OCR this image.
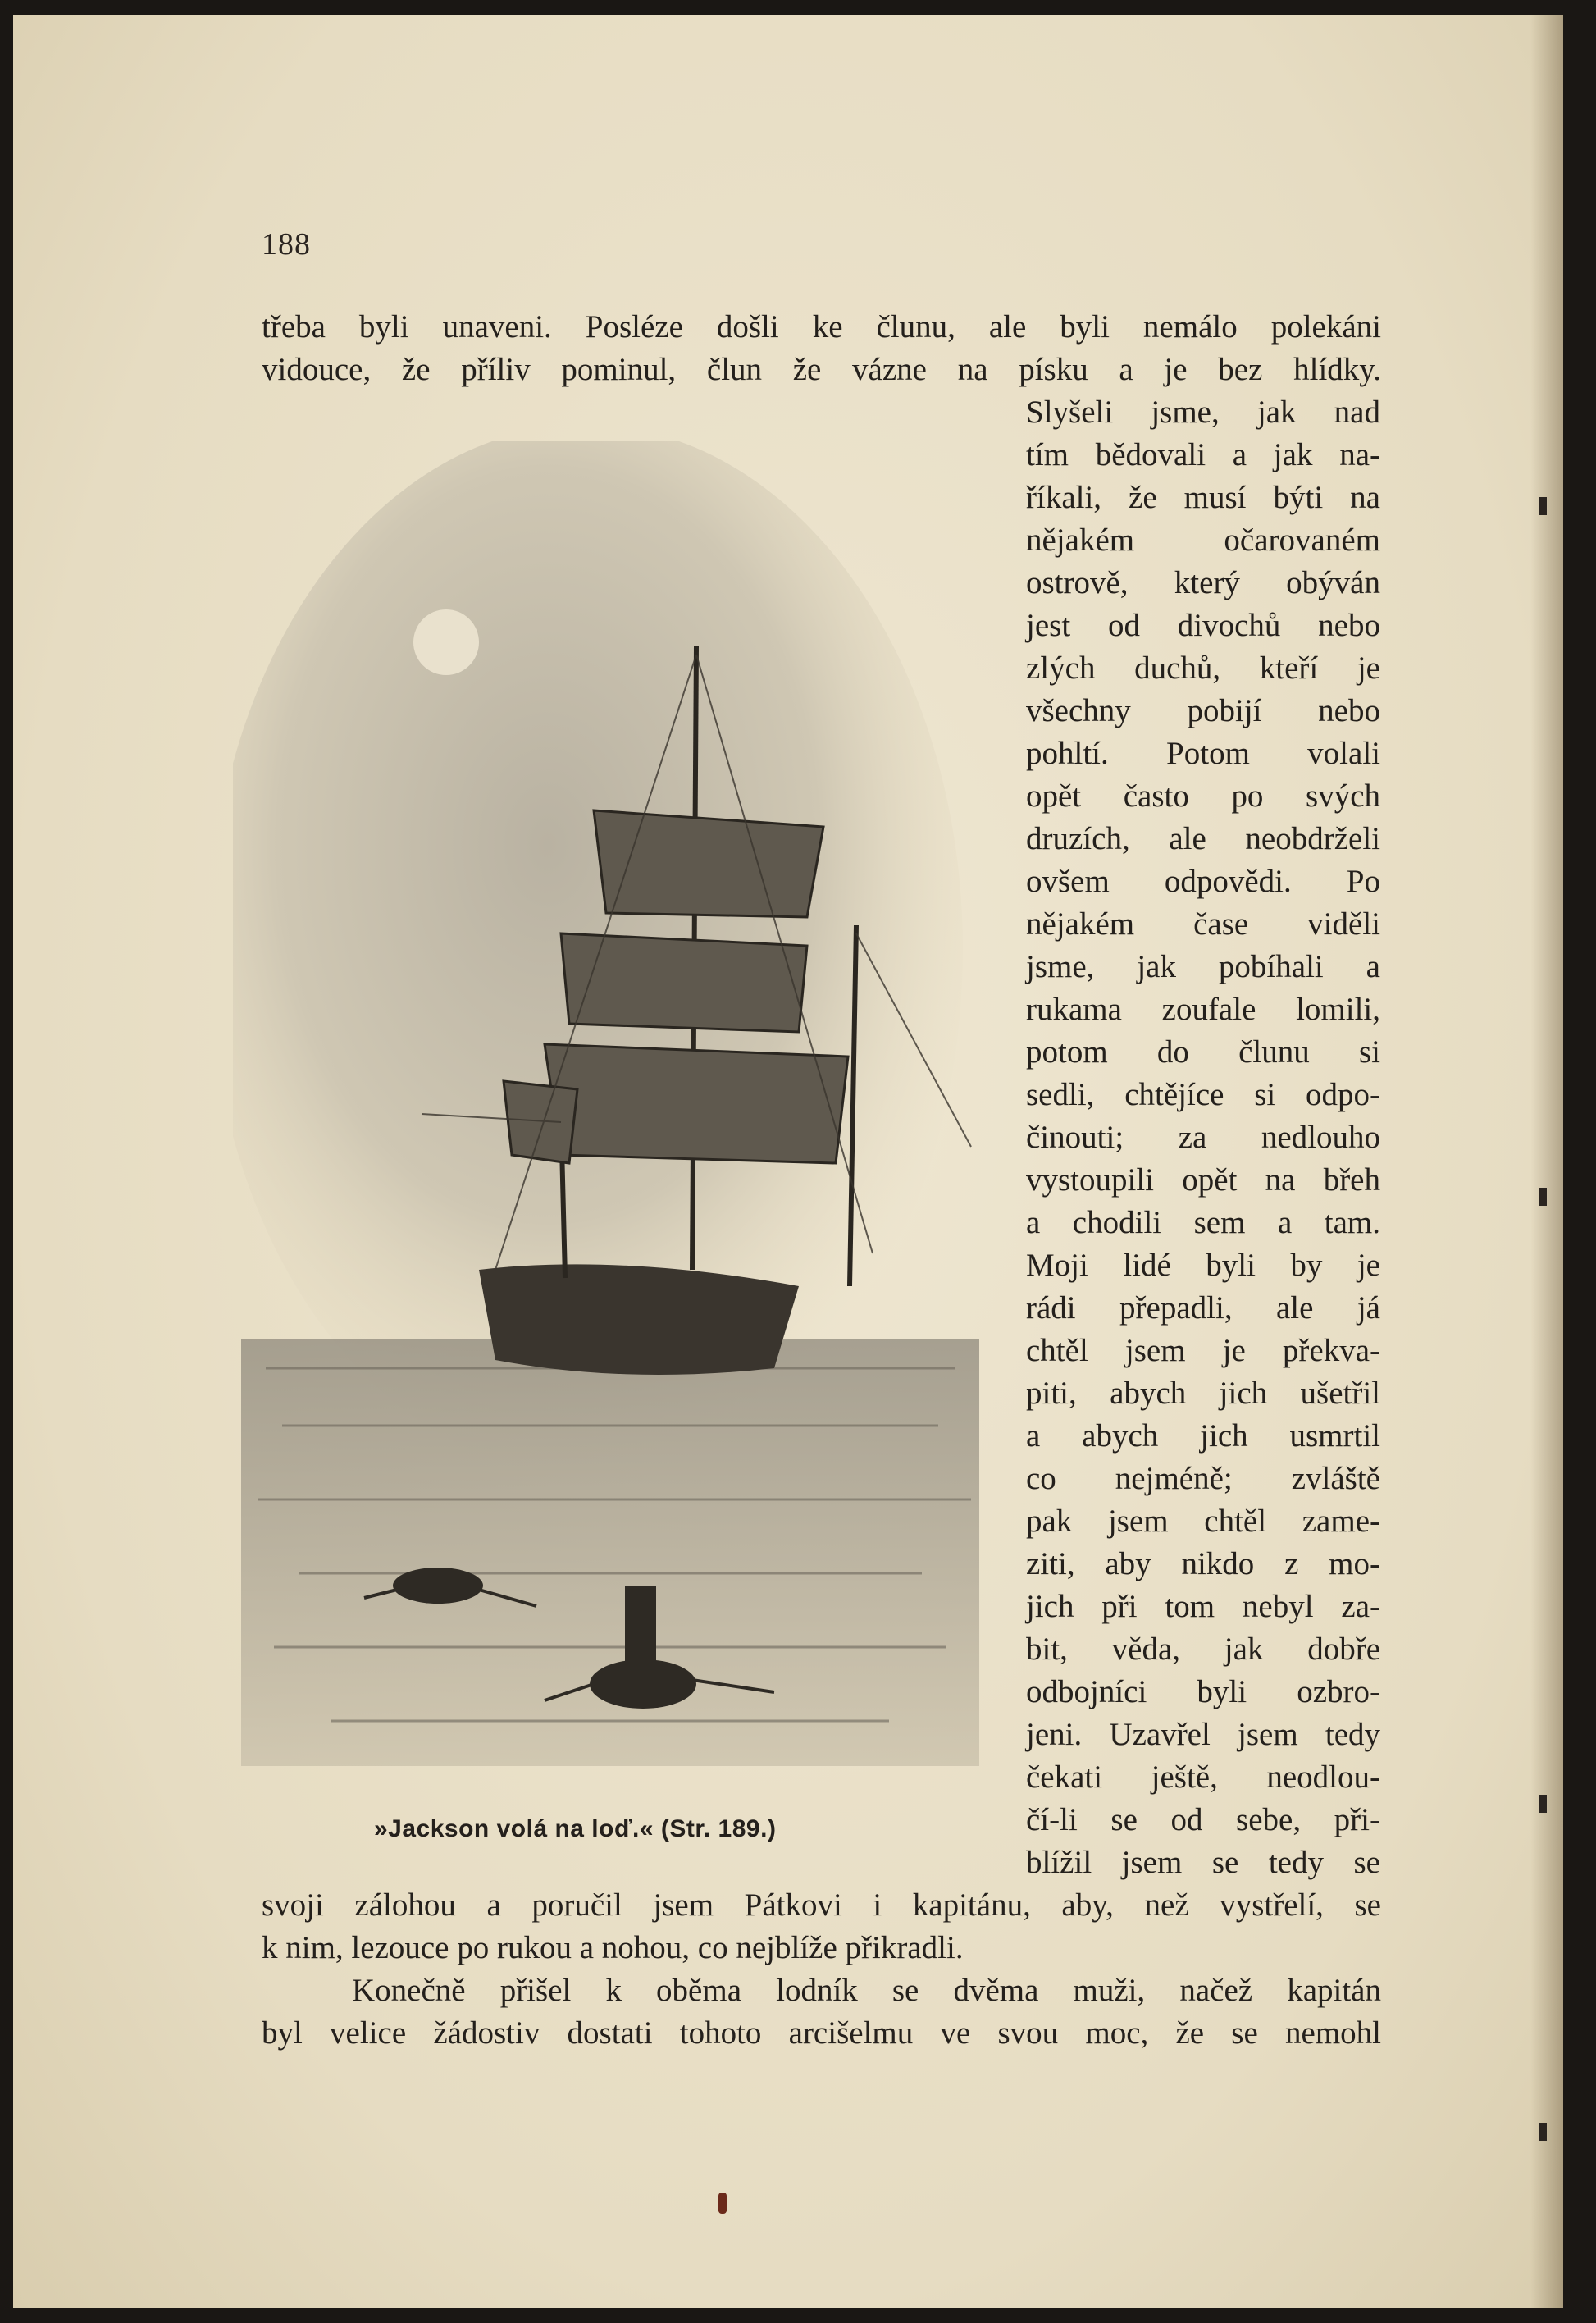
188
třeba byli unaveni. Posléze došli ke člunu, ale byli nemálo polekáni
vidouce, že příliv pominul, člun že vázne na písku a je bez hlídky.
Slyšeli jsme, jak nad
tím bědovali a jak na-
říkali, že musí býti na
nějakém očarovaném
ostrově, který obýván
jest od divochů nebo
zlých duchů, kteří je
všechny pobijí nebo
pohltí. Potom volali
opět často po svých
druzích, ale neobdrželi
ovšem odpovědi. Po
nějakém čase viděli
jsme, jak pobíhali a
rukama zoufale lomili,
potom do člunu si
sedli, chtějíce si odpo-
činouti; za nedlouho
vystoupili opět na břeh
a chodili sem a tam.
Moji lidé byli by je
rádi přepadli, ale já
chtěl jsem je překva-
piti, abych jich ušetřil
a abych jich usmrtil
co nejméně; zvláště
pak jsem chtěl zame-
ziti, aby nikdo z mo-
jich při tom nebyl za-
bit, věda, jak dobře
odbojníci byli ozbro-
jeni. Uzavřel jsem tedy
čekati ještě, neodlou-
čí-li se od sebe, při-
blížil jsem se tedy se
»Jackson volá na loď.« (Str. 189.)
svoji zálohou a poručil jsem Pátkovi i kapitánu, aby, než vystřelí, se
k nim, lezouce po rukou a nohou, co nejblíže přikradli.
Konečně přišel k oběma lodník se dvěma muži, načež kapitán
byl velice žádostiv dostati tohoto arcišelmu ve svou moc, že se nemohl
